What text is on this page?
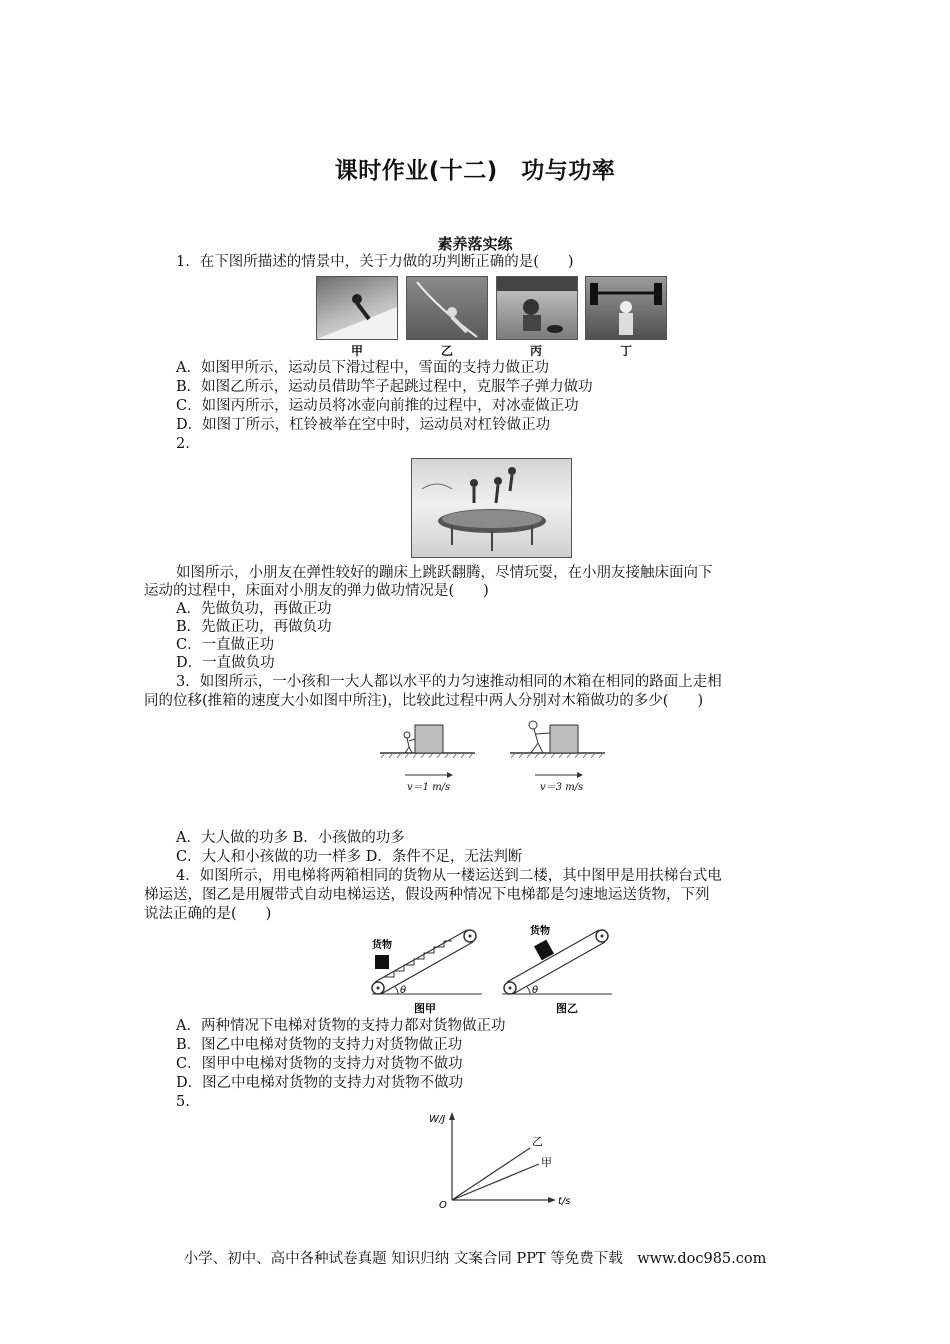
课时作业(十二)　功与功率
素养落实练
1．在下图所描述的情景中，关于力做的功判断正确的是(　　)
甲	乙	丙	丁
A．如图甲所示，运动员下滑过程中，雪面的支持力做正功
B．如图乙所示，运动员借助竿子起跳过程中，克服竿子弹力做功
C．如图丙所示，运动员将冰壶向前推的过程中，对冰壶做正功
D．如图丁所示，杠铃被举在空中时，运动员对杠铃做正功
2.
如图所示，小朋友在弹性较好的蹦床上跳跃翻腾，尽情玩耍，在小朋友接触床面向下
运动的过程中，床面对小朋友的弹力做功情况是(　　)
A．先做负功，再做正功
B．先做正功，再做负功
C．一直做正功
D．一直做负功
3．如图所示，一小孩和一大人都以水平的力匀速推动相同的木箱在相同的路面上走相
同的位移(推箱的速度大小如图中所注)，比较此过程中两人分别对木箱做功的多少(　　)
v＝1 m/s	v＝3 m/s
A．大人做的功多 B．小孩做的功多
C．大人和小孩做的功一样多 D．条件不足，无法判断
4．如图所示，用电梯将两箱相同的货物从一楼运送到二楼，其中图甲是用扶梯台式电
梯运送，图乙是用履带式自动电梯运送，假设两种情况下电梯都是匀速地运送货物，下列
说法正确的是(　　)
θ
货物
图甲
θ
货物
图乙
A．两种情况下电梯对货物的支持力都对货物做正功
B．图乙中电梯对货物的支持力对货物做正功
C．图甲中电梯对货物的支持力对货物不做功
D．图乙中电梯对货物的支持力对货物不做功
5.
W/J
t/s
O
乙
甲
小学、初中、高中各种试卷真题 知识归纳 文案合同 PPT 等免费下载　www.doc985.com
